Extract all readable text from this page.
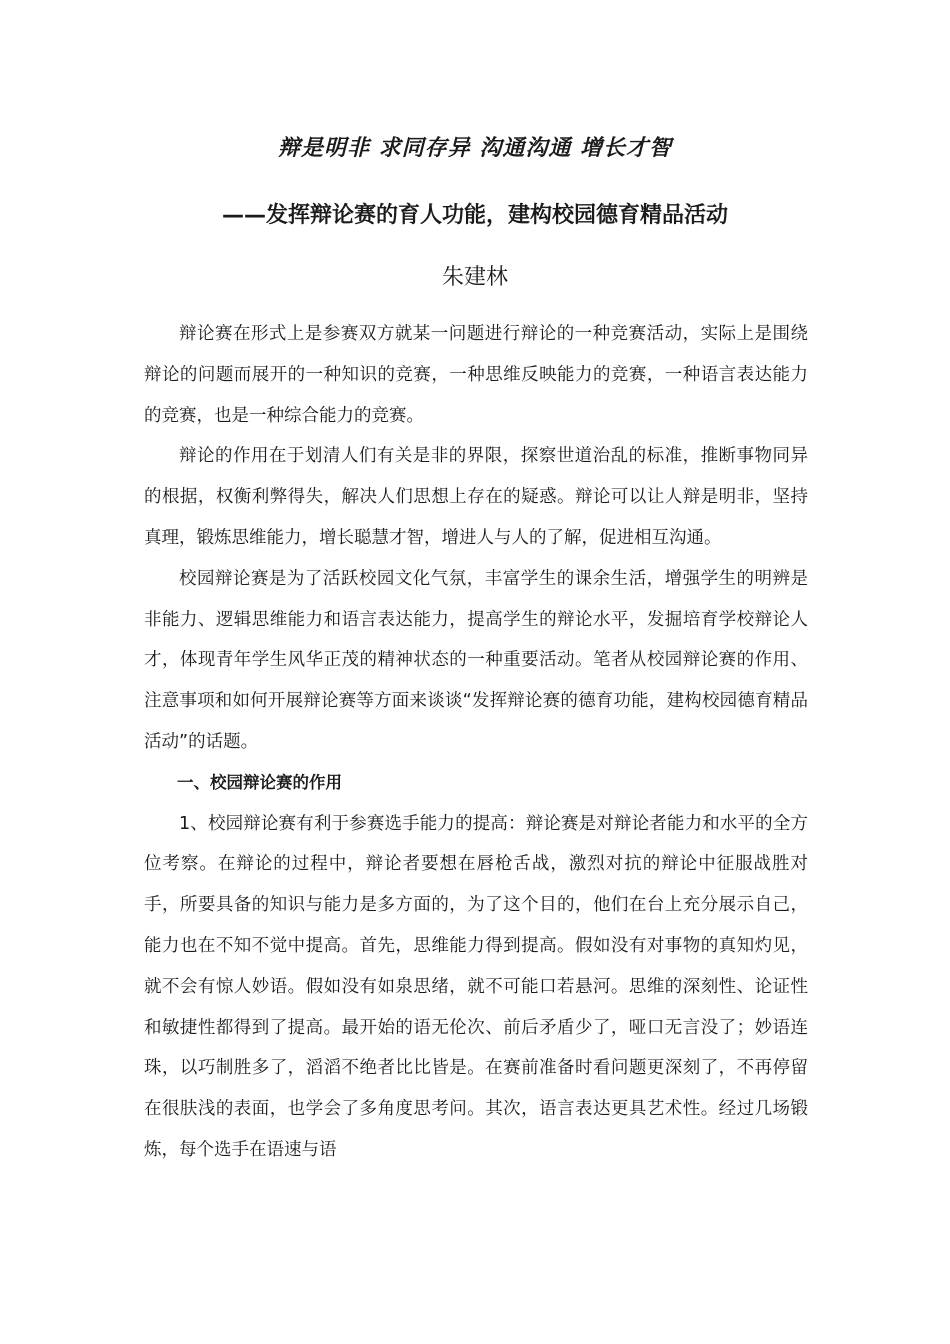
辩是明非 求同存异 沟通沟通 增长才智
——发挥辩论赛的育人功能，建构校园德育精品活动
朱建林

辩论赛在形式上是参赛双方就某一问题进行辩论的一种竞赛活动，实际上是围绕辩论的问题而展开的一种知识的竞赛，一种思维反映能力的竞赛，一种语言表达能力的竞赛，也是一种综合能力的竞赛。

辩论的作用在于划清人们有关是非的界限，探察世道治乱的标准，推断事物同异的根据，权衡利弊得失，解决人们思想上存在的疑惑。辩论可以让人辩是明非，坚持真理，锻炼思维能力，增长聪慧才智，增进人与人的了解，促进相互沟通。

校园辩论赛是为了活跃校园文化气氛，丰富学生的课余生活，增强学生的明辨是非能力、逻辑思维能力和语言表达能力，提高学生的辩论水平，发掘培育学校辩论人才，体现青年学生风华正茂的精神状态的一种重要活动。笔者从校园辩论赛的作用、注意事项和如何开展辩论赛等方面来谈谈“发挥辩论赛的德育功能，建构校园德育精品活动”的话题。

一、校园辩论赛的作用

1、校园辩论赛有利于参赛选手能力的提高：辩论赛是对辩论者能力和水平的全方位考察。在辩论的过程中，辩论者要想在唇枪舌战，激烈对抗的辩论中征服战胜对手，所要具备的知识与能力是多方面的，为了这个目的，他们在台上充分展示自己，能力也在不知不觉中提高。首先，思维能力得到提高。假如没有对事物的真知灼见，就不会有惊人妙语。假如没有如泉思绪，就不可能口若悬河。思维的深刻性、论证性和敏捷性都得到了提高。最开始的语无伦次、前后矛盾少了，哑口无言没了；妙语连珠，以巧制胜多了，滔滔不绝者比比皆是。在赛前准备时看问题更深刻了，不再停留在很肤浅的表面，也学会了多角度思考问。其次，语言表达更具艺术性。经过几场锻炼，每个选手在语速与语
